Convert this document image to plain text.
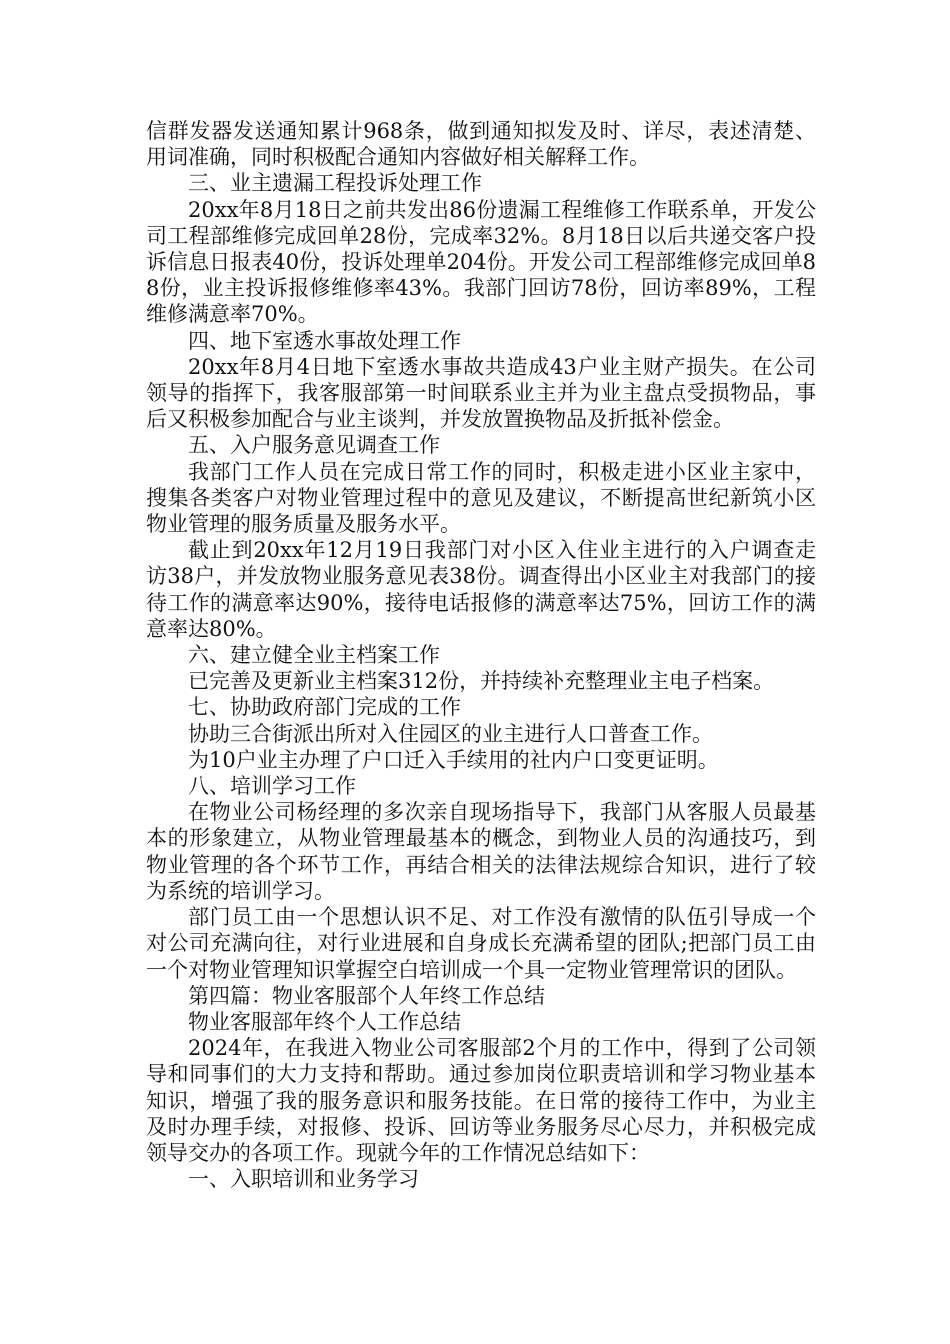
信群发器发送通知累计968条，做到通知拟发及时、详尽，表述清楚、用词准确，同时积极配合通知内容做好相关解释工作。

三、业主遗漏工程投诉处理工作

20xx年8月18日之前共发出86份遗漏工程维修工作联系单，开发公司工程部维修完成回单28份，完成率32%。8月18日以后共递交客户投诉信息日报表40份，投诉处理单204份。开发公司工程部维修完成回单88份，业主投诉报修维修率43%。我部门回访78份，回访率89%，工程维修满意率70%。

四、地下室透水事故处理工作

20xx年8月4日地下室透水事故共造成43户业主财产损失。在公司领导的指挥下，我客服部第一时间联系业主并为业主盘点受损物品，事后又积极参加配合与业主谈判，并发放置换物品及折抵补偿金。

五、入户服务意见调查工作

我部门工作人员在完成日常工作的同时，积极走进小区业主家中，搜集各类客户对物业管理过程中的意见及建议，不断提高世纪新筑小区物业管理的服务质量及服务水平。

截止到20xx年12月19日我部门对小区入住业主进行的入户调查走访38户，并发放物业服务意见表38份。调查得出小区业主对我部门的接待工作的满意率达90%，接待电话报修的满意率达75%，回访工作的满意率达80%。

六、建立健全业主档案工作

已完善及更新业主档案312份，并持续补充整理业主电子档案。

七、协助政府部门完成的工作

协助三合街派出所对入住园区的业主进行人口普查工作。

为10户业主办理了户口迁入手续用的社内户口变更证明。

八、培训学习工作

在物业公司杨经理的多次亲自现场指导下，我部门从客服人员最基本的形象建立，从物业管理最基本的概念，到物业人员的沟通技巧，到物业管理的各个环节工作，再结合相关的法律法规综合知识，进行了较为系统的培训学习。

部门员工由一个思想认识不足、对工作没有激情的队伍引导成一个对公司充满向往，对行业进展和自身成长充满希望的团队;把部门员工由一个对物业管理知识掌握空白培训成一个具一定物业管理常识的团队。

第四篇：物业客服部个人年终工作总结

物业客服部年终个人工作总结

2024年，在我进入物业公司客服部2个月的工作中，得到了公司领导和同事们的大力支持和帮助。通过参加岗位职责培训和学习物业基本知识，增强了我的服务意识和服务技能。在日常的接待工作中，为业主及时办理手续，对报修、投诉、回访等业务服务尽心尽力，并积极完成领导交办的各项工作。现就今年的工作情况总结如下：

一、入职培训和业务学习
